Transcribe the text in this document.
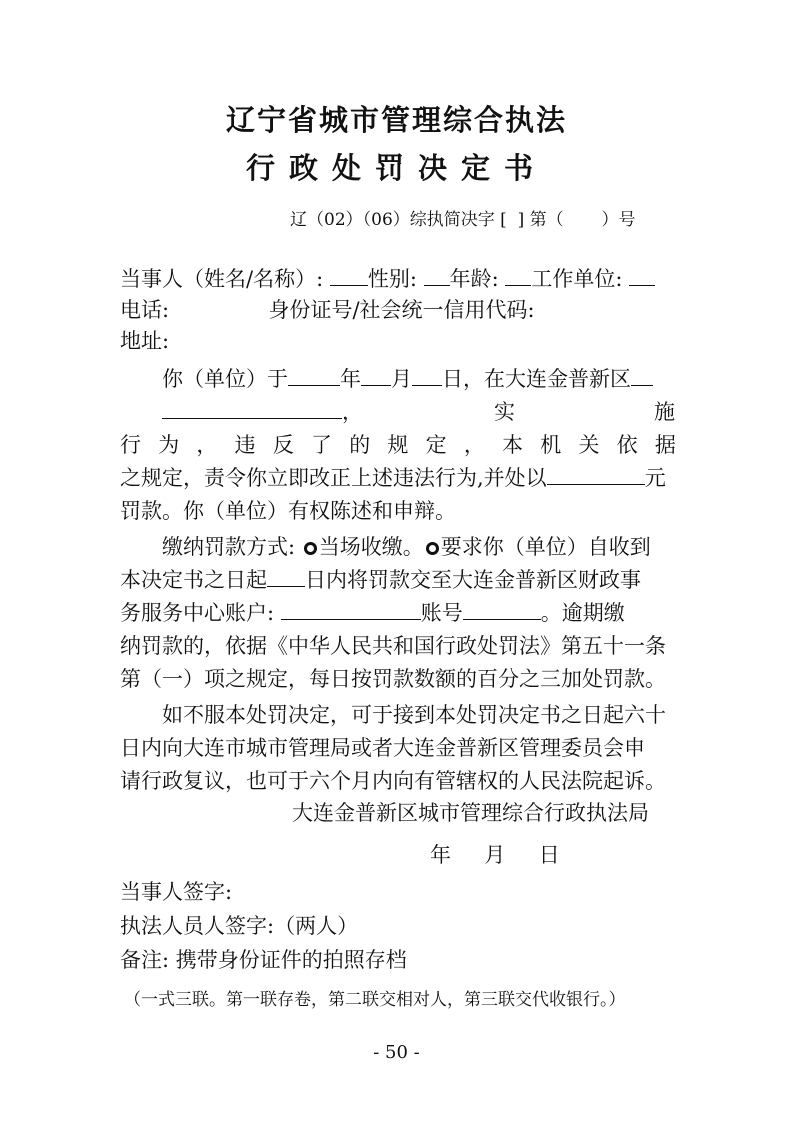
辽宁省城市管理综合执法
行政处罚决定书
辽（02）（06）综执简决字 [  ] 第（       ）号
当事人（姓名/名称）: 性别: 年龄: 工作单位:
电话:	身份证号/社会统一信用代码:
地址:
你（单位）于 年 月 日，在大连金普新区
，	实	施
行 为 ， 违 反 了 的 规 定 ， 本 机 关 依 据
之规定，责令你立即改正上述违法行为,并处以	元
罚款。你（单位）有权陈述和申辩。
缴纳罚款方式: 当场收缴。 要求你（单位）自收到
本决定书之日起 日内将罚款交至大连金普新区财政事
务服务中心账户:	账号	。逾期缴
纳罚款的，依据《中华人民共和国行政处罚法》第五十一条
第（一）项之规定，每日按罚款数额的百分之三加处罚款。
如不服本处罚决定，可于接到本处罚决定书之日起六十
日内向大连市城市管理局或者大连金普新区管理委员会申
请行政复议，也可于六个月内向有管辖权的人民法院起诉。
大连金普新区城市管理综合行政执法局
年     月     日
当事人签字:
执法人员人签字:（两人）
备注: 携带身份证件的拍照存档
（一式三联。第一联存卷，第二联交相对人，第三联交代收银行。）
- 50 -
